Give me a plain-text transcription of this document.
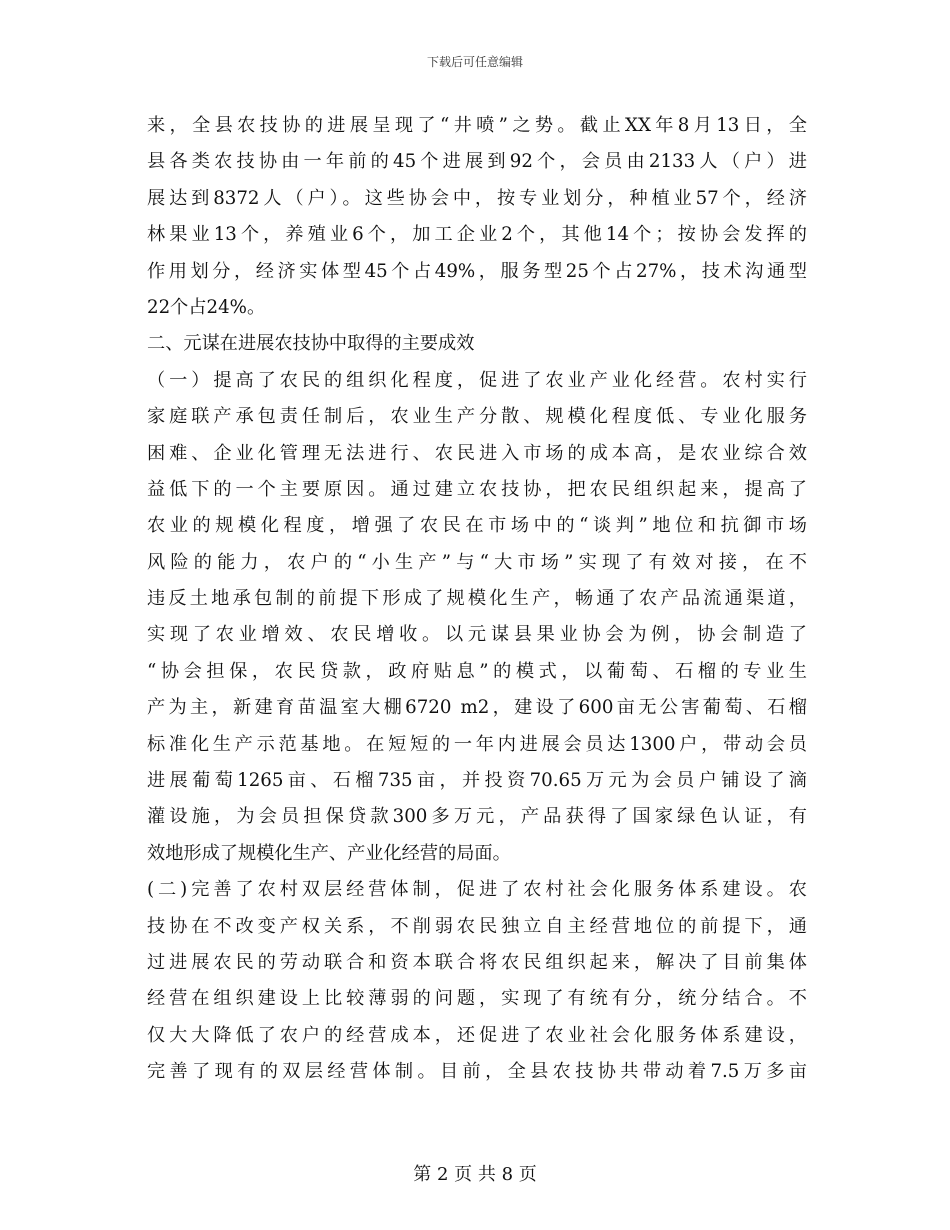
下载后可任意编辑
来，全县农技协的进展呈现了“井喷”之势。截止XX年8月13日，全
县各类农技协由一年前的45个进展到92个，会员由2133人（户）进
展达到8372人（户）。这些协会中，按专业划分，种植业57个，经济
林果业13个，养殖业6个，加工企业2个，其他14个；按协会发挥的
作用划分，经济实体型45个占49%，服务型25个占27%，技术沟通型
22个占24%。
二、元谋在进展农技协中取得的主要成效
（一）提高了农民的组织化程度，促进了农业产业化经营。农村实行
家庭联产承包责任制后，农业生产分散、规模化程度低、专业化服务
困难、企业化管理无法进行、农民进入市场的成本高，是农业综合效
益低下的一个主要原因。通过建立农技协，把农民组织起来，提高了
农业的规模化程度，增强了农民在市场中的“谈判”地位和抗御市场
风险的能力，农户的“小生产”与“大市场”实现了有效对接，在不
违反土地承包制的前提下形成了规模化生产，畅通了农产品流通渠道，
实现了农业增效、农民增收。以元谋县果业协会为例，协会制造了
“协会担保，农民贷款，政府贴息”的模式，以葡萄、石榴的专业生
产为主，新建育苗温室大棚6720 m2，建设了600亩无公害葡萄、石榴
标准化生产示范基地。在短短的一年内进展会员达1300户，带动会员
进展葡萄1265亩、石榴735亩，并投资70.65万元为会员户铺设了滴
灌设施，为会员担保贷款300多万元，产品获得了国家绿色认证，有
效地形成了规模化生产、产业化经营的局面。
(二)完善了农村双层经营体制，促进了农村社会化服务体系建设。农
技协在不改变产权关系，不削弱农民独立自主经营地位的前提下，通
过进展农民的劳动联合和资本联合将农民组织起来，解决了目前集体
经营在组织建设上比较薄弱的问题，实现了有统有分，统分结合。不
仅大大降低了农户的经营成本，还促进了农业社会化服务体系建设，
完善了现有的双层经营体制。目前，全县农技协共带动着7.5万多亩
第 2 页 共 8 页
